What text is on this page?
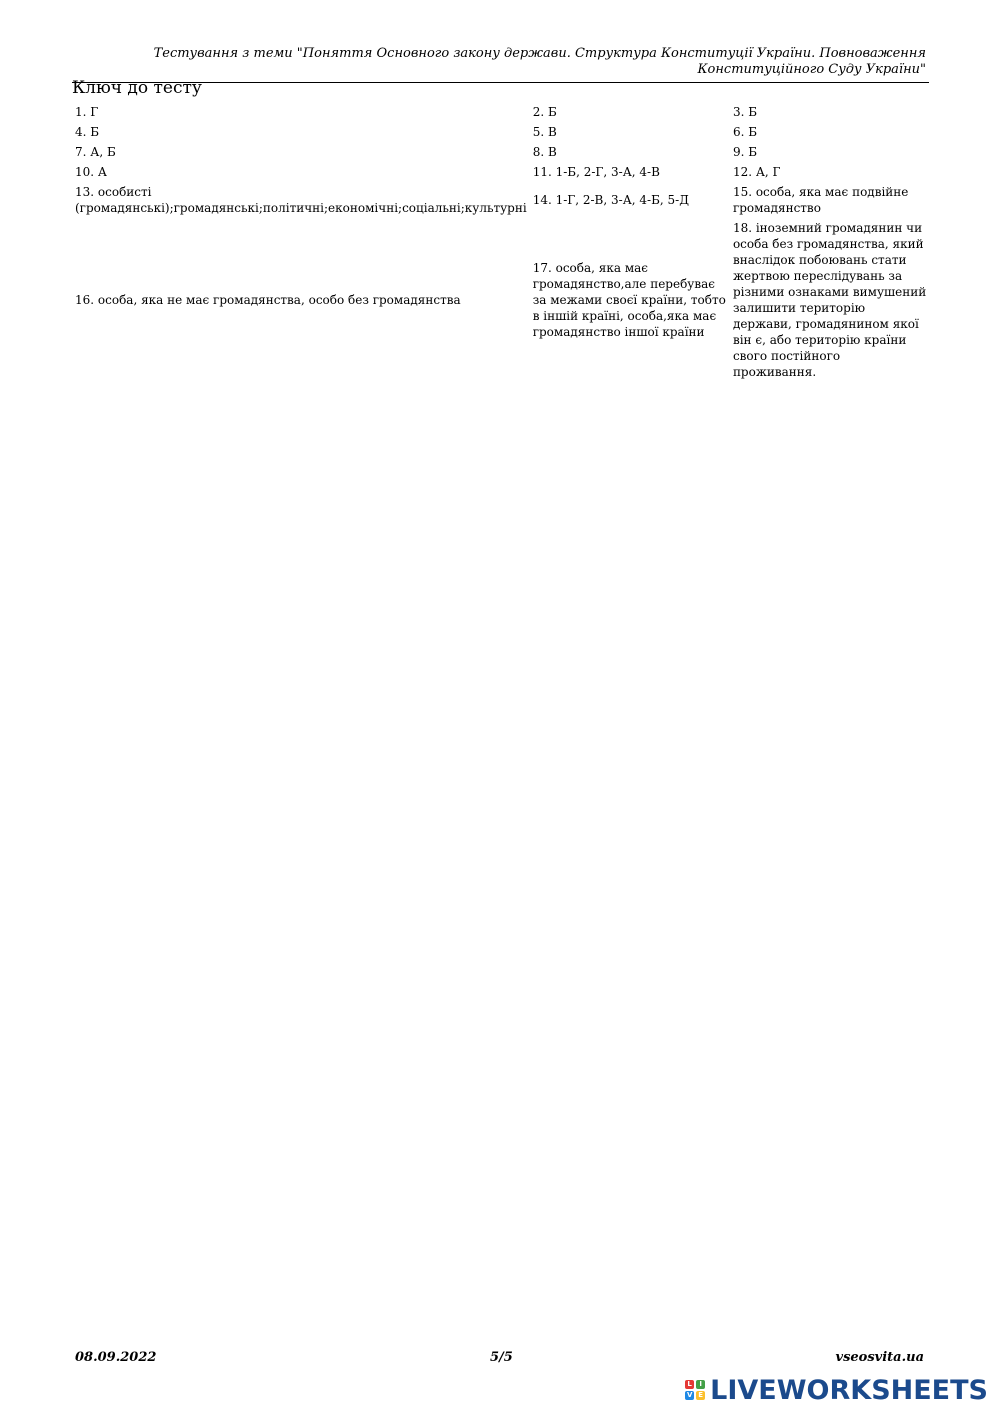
Тестування з теми "Поняття Основного закону держави. Структура Конституції України. Повноваження Конституційного Суду України"
Ключ до тесту
1. Г	2. Б	3. Б
4. Б	5. В	6. Б
7. А, Б	8. В	9. Б
10. А	11. 1-Б, 2-Г, 3-А, 4-В	12. А, Г
13. особисті (громадянські);громадянські;політичні;економічні;соціальні;культурні	14. 1-Г, 2-В, 3-А, 4-Б, 5-Д	15. особа, яка має подвійне громадянство
16. особа, яка не має громадянства, особо без громадянства	17. особа, яка має громадянство,але перебуває за межами своєї країни, тобто в іншій країні, особа,яка має громадянство іншої країни	18. іноземний громадянин чи особа без громадянства, який внаслідок побоювань стати жертвою переслідувань за різними ознаками вимушений залишити територію держави, громадянином якої він є, або територію країни свого постійного проживання.
08.09.2022	5/5	vseosvita.ua
L	I
V E LIVEWORKSHEETS
